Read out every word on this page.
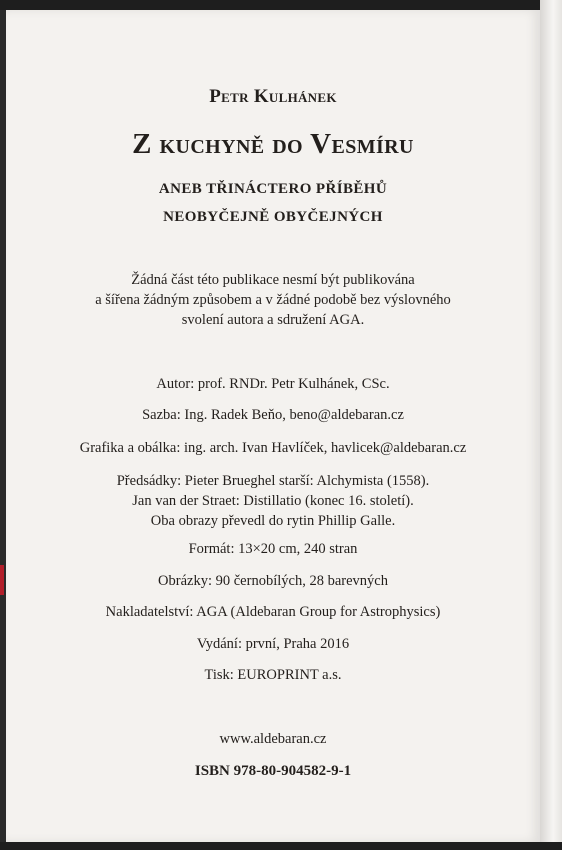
Petr Kulhánek
Z kuchyně do Vesmíru
ANEB TŘINÁCTERO PŘÍBĚHŮ
NEOBYČEJNĚ OBYČEJNÝCH
Žádná část této publikace nesmí být publikována
a šířena žádným způsobem a v žádné podobě bez výslovného
svolení autora a sdružení AGA.
Autor: prof. RNDr. Petr Kulhánek, CSc.
Sazba: Ing. Radek Beňo, beno@aldebaran.cz
Grafika a obálka: ing. arch. Ivan Havlíček, havlicek@aldebaran.cz
Předsádky: Pieter Brueghel starší: Alchymista (1558).
Jan van der Straet: Distillatio (konec 16. století).
Oba obrazy převedl do rytin Phillip Galle.
Formát: 13×20 cm, 240 stran
Obrázky: 90 černobílých, 28 barevných
Nakladatelství: AGA (Aldebaran Group for Astrophysics)
Vydání: první, Praha 2016
Tisk: EUROPRINT a.s.
www.aldebaran.cz
ISBN 978-80-904582-9-1
